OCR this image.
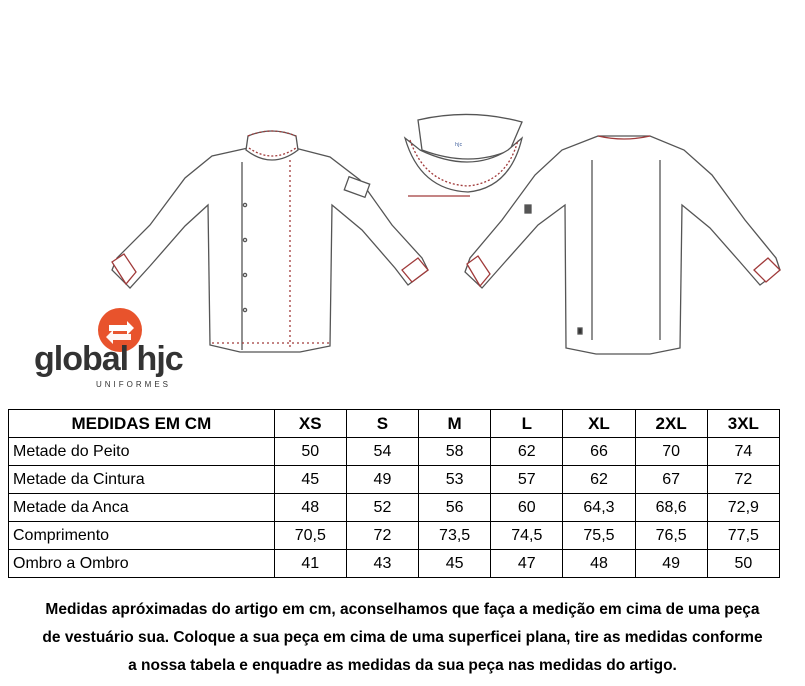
hjc
global hjc
UNIFORMES
MEDIDAS EM CM	XS	S	M	L	XL	2XL	3XL
Metade do Peito	50	54	58	62	66	70	74
Metade da Cintura	45	49	53	57	62	67	72
Metade da Anca	48	52	56	60	64,3	68,6	72,9
Comprimento	70,5	72	73,5	74,5	75,5	76,5	77,5
Ombro a Ombro	41	43	45	47	48	49	50

Medidas apróximadas do artigo em cm, aconselhamos que faça a medição em cima de uma peça

de vestuário sua. Coloque a sua peça em cima de uma superficei plana, tire as medidas conforme

a nossa tabela e enquadre as medidas da sua peça nas medidas do artigo.
